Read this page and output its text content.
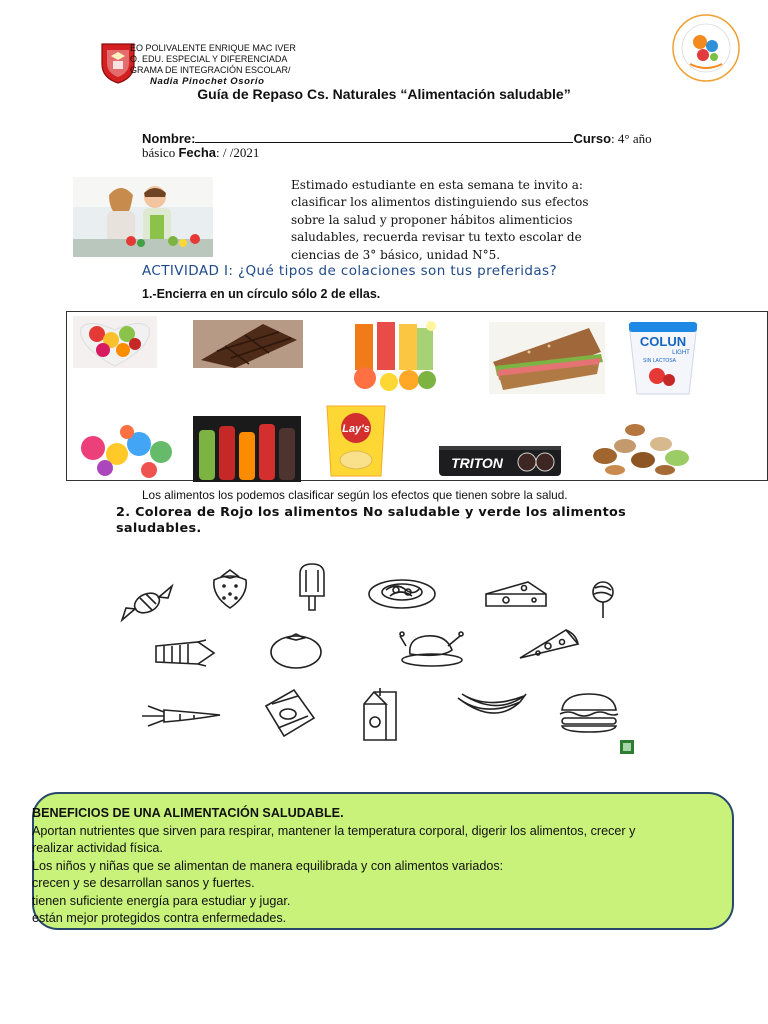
EO POLIVALENTE ENRIQUE MAC IVER
O. EDU. ESPECIAL Y DIFERENCIADA
GRAMA DE INTEGRACIÓN ESCOLAR/
Nadia Pinochet Osorio
Guía de Repaso Cs. Naturales “Alimentación saludable”
Nombre:	Curso: 4° año
básico Fecha: / /2021
Estimado estudiante en esta semana te invito a: clasificar los alimentos distinguiendo sus efectos sobre la salud y proponer hábitos alimenticios saludables, recuerda revisar tu texto escolar de ciencias de 3° básico, unidad N°5.
ACTIVIDAD I: ¿Qué tipos de colaciones son tus preferidas?
1.-Encierra en un círculo sólo 2 de ellas.
COLUN
LIGHT
SIN LACTOSA
Lay's
TRITON
Los alimentos los podemos clasificar según los efectos que tienen sobre la salud.
2. Colorea de Rojo los alimentos No saludable y verde los alimentos saludables.
BENEFICIOS DE UNA ALIMENTACIÓN SALUDABLE.
Aportan nutrientes que sirven para respirar, mantener la temperatura corporal, digerir los alimentos, crecer y
realizar actividad física.
Los niños y niñas que se alimentan de manera equilibrada y con alimentos variados:
crecen y se desarrollan sanos y fuertes.
tienen suficiente energía para estudiar y jugar.
están mejor protegidos contra enfermedades.
